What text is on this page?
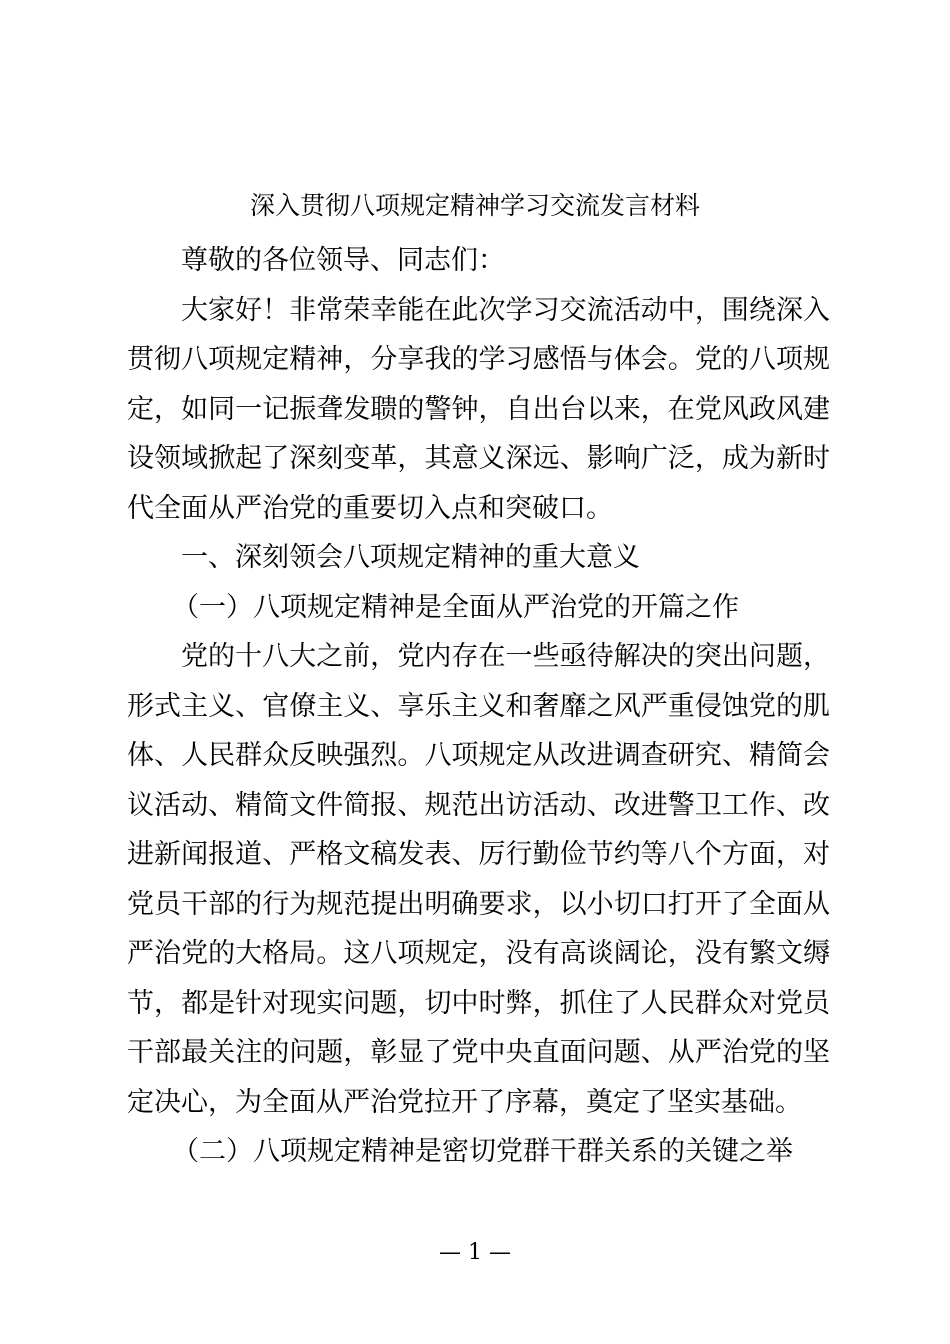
深入贯彻八项规定精神学习交流发言材料

尊敬的各位领导、同志们：

大家好！非常荣幸能在此次学习交流活动中，围绕深入贯彻八项规定精神，分享我的学习感悟与体会。党的八项规定，如同一记振聋发聩的警钟，自出台以来，在党风政风建设领域掀起了深刻变革，其意义深远、影响广泛，成为新时代全面从严治党的重要切入点和突破口。

一、深刻领会八项规定精神的重大意义

（一）八项规定精神是全面从严治党的开篇之作

党的十八大之前，党内存在一些亟待解决的突出问题，形式主义、官僚主义、享乐主义和奢靡之风严重侵蚀党的肌体、人民群众反映强烈。八项规定从改进调查研究、精简会议活动、精简文件简报、规范出访活动、改进警卫工作、改进新闻报道、严格文稿发表、厉行勤俭节约等八个方面，对党员干部的行为规范提出明确要求，以小切口打开了全面从严治党的大格局。这八项规定，没有高谈阔论，没有繁文缛节，都是针对现实问题，切中时弊，抓住了人民群众对党员干部最关注的问题，彰显了党中央直面问题、从严治党的坚定决心，为全面从严治党拉开了序幕，奠定了坚实基础。

（二）八项规定精神是密切党群干群关系的关键之举

— 1 —
